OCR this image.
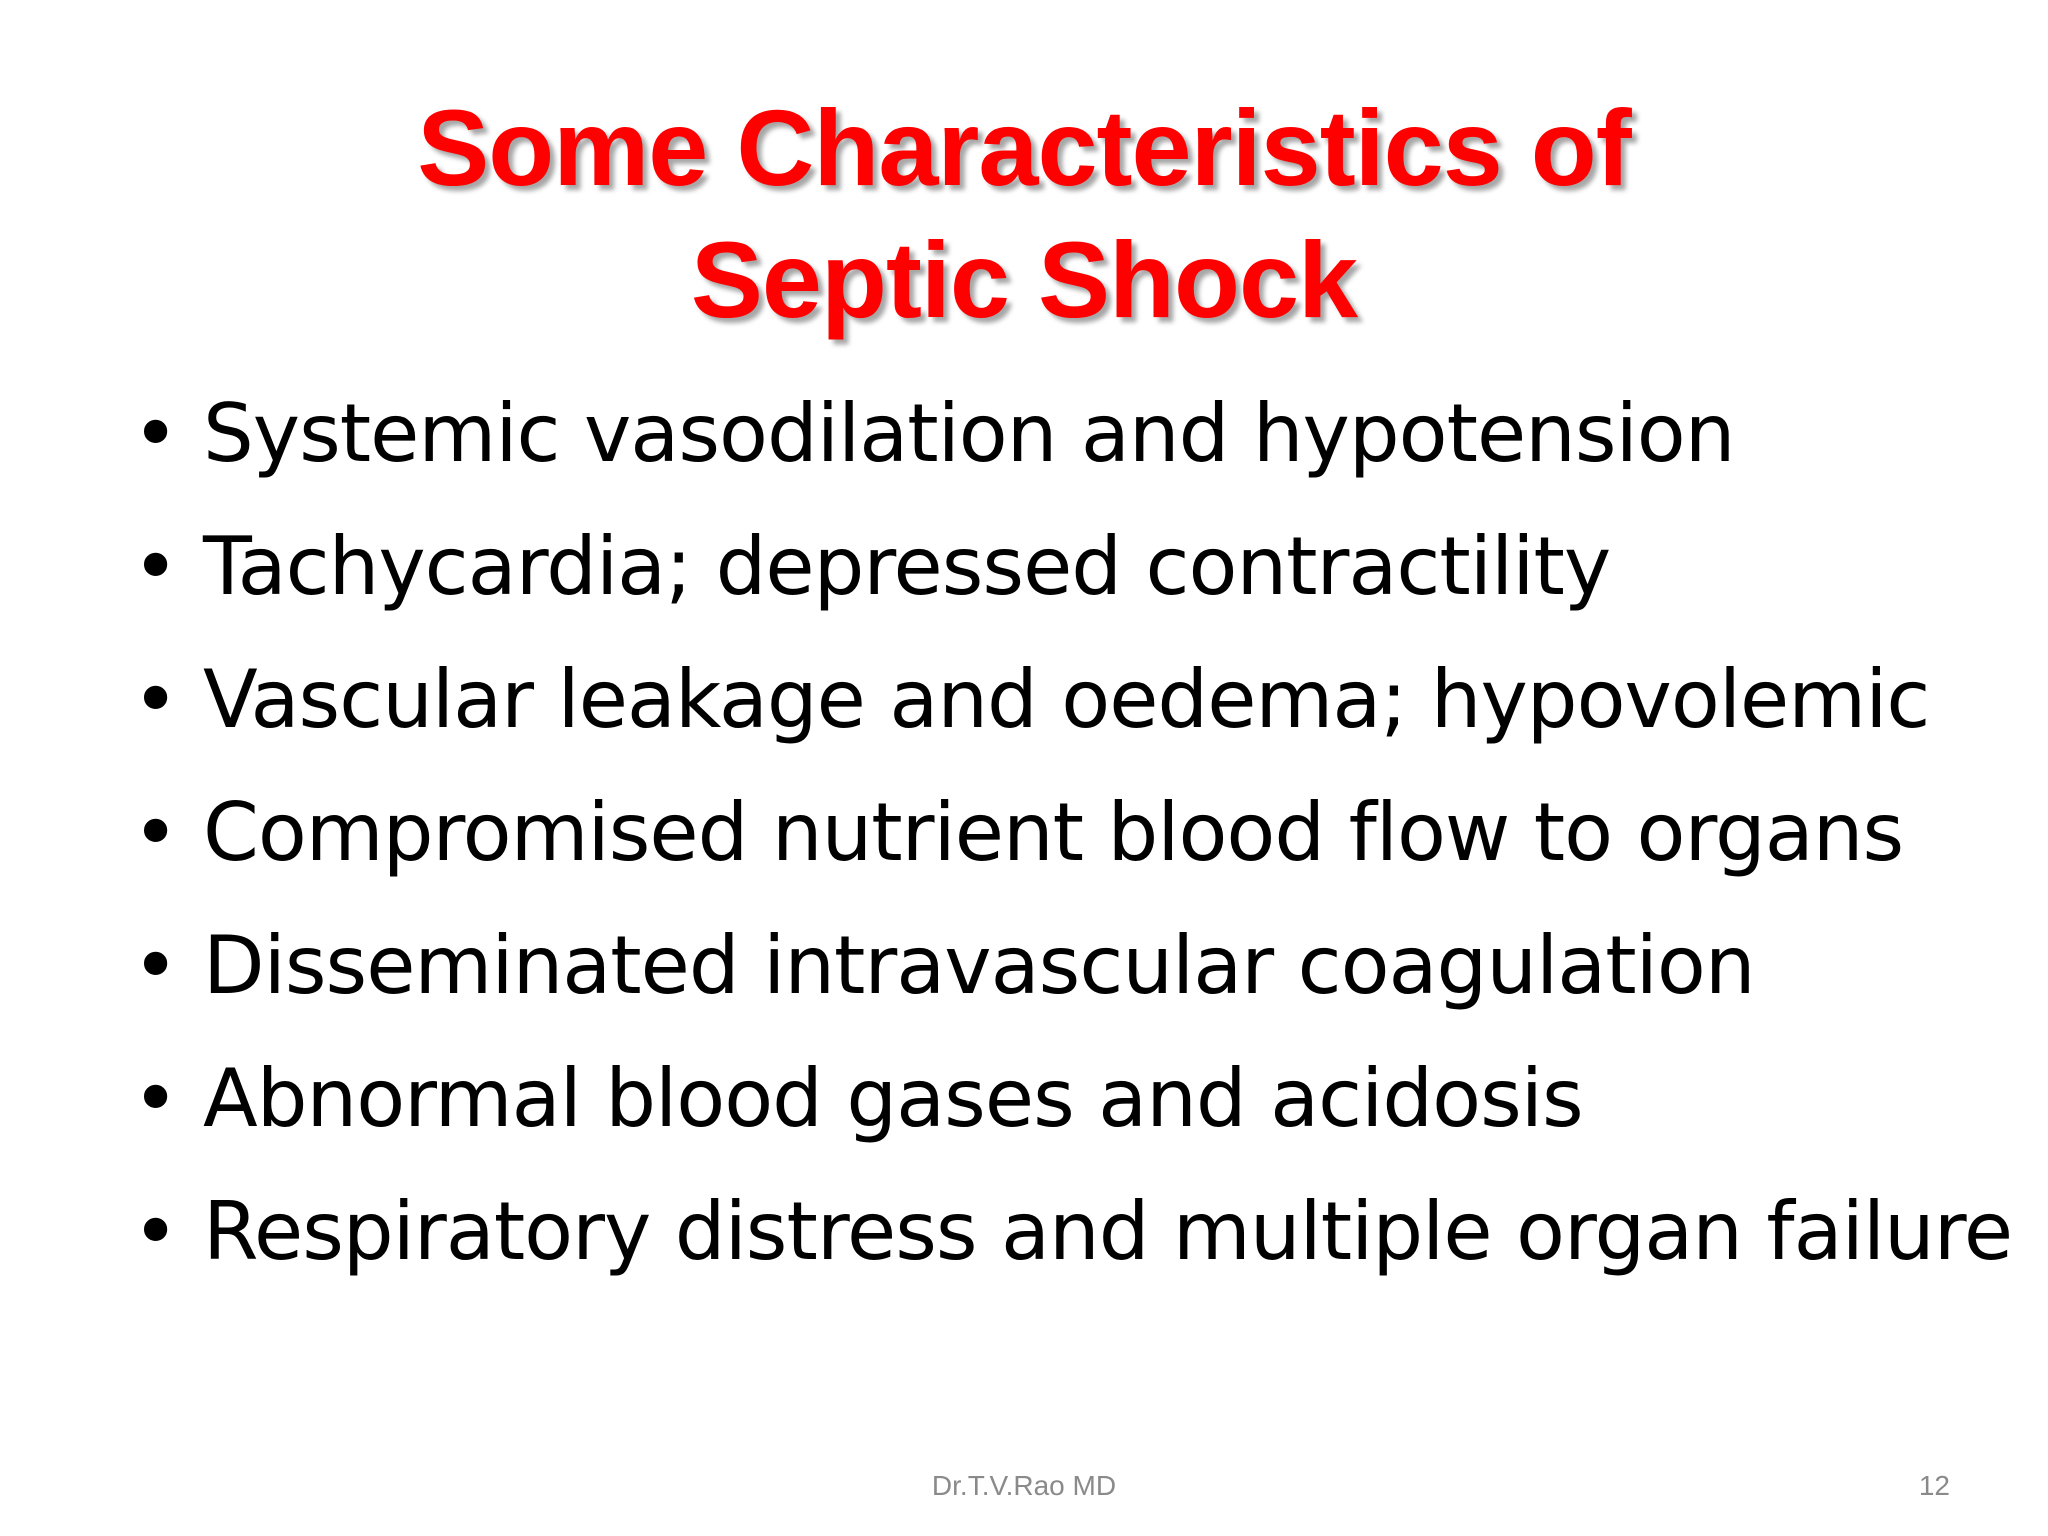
Some Characteristics of
Septic Shock
• Systemic vasodilation and hypotension
• Tachycardia; depressed contractility
• Vascular leakage and oedema; hypovolemic
• Compromised nutrient blood flow to organs
• Disseminated intravascular coagulation
• Abnormal blood gases and acidosis
• Respiratory distress and multiple organ failure
Dr.T.V.Rao MD	12
